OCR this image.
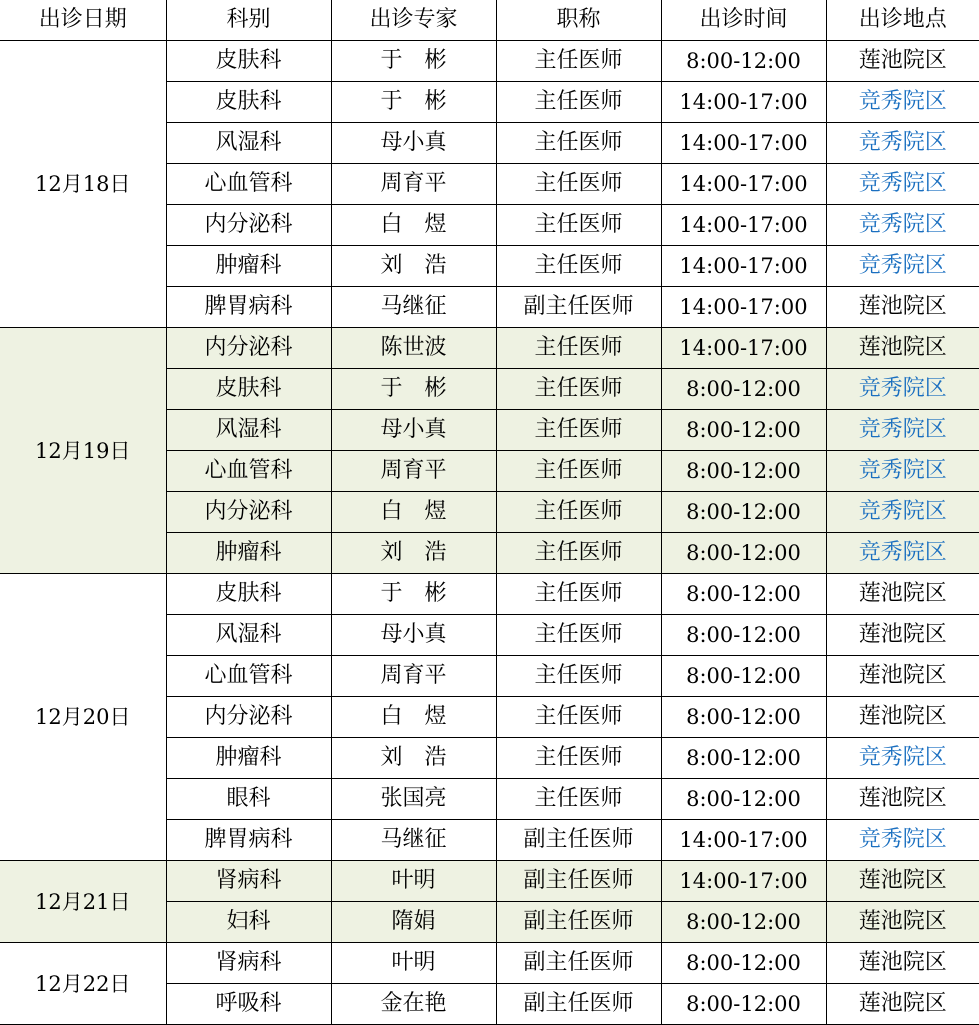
出诊日期	科别	出诊专家	职称	出诊时间	出诊地点
12月18日	皮肤科	于　彬	主任医师	8:00-12:00	莲池院区
	皮肤科	于　彬	主任医师	14:00-17:00	竞秀院区
	风湿科	母小真	主任医师	14:00-17:00	竞秀院区
	心血管科	周育平	主任医师	14:00-17:00	竞秀院区
	内分泌科	白　煜	主任医师	14:00-17:00	竞秀院区
	肿瘤科	刘　浩	主任医师	14:00-17:00	竞秀院区
	脾胃病科	马继征	副主任医师	14:00-17:00	莲池院区
12月19日	内分泌科	陈世波	主任医师	14:00-17:00	莲池院区
	皮肤科	于　彬	主任医师	8:00-12:00	竞秀院区
	风湿科	母小真	主任医师	8:00-12:00	竞秀院区
	心血管科	周育平	主任医师	8:00-12:00	竞秀院区
	内分泌科	白　煜	主任医师	8:00-12:00	竞秀院区
	肿瘤科	刘　浩	主任医师	8:00-12:00	竞秀院区
12月20日	皮肤科	于　彬	主任医师	8:00-12:00	莲池院区
	风湿科	母小真	主任医师	8:00-12:00	莲池院区
	心血管科	周育平	主任医师	8:00-12:00	莲池院区
	内分泌科	白　煜	主任医师	8:00-12:00	莲池院区
	肿瘤科	刘　浩	主任医师	8:00-12:00	竞秀院区
	眼科	张国亮	主任医师	8:00-12:00	莲池院区
	脾胃病科	马继征	副主任医师	14:00-17:00	竞秀院区
12月21日	肾病科	叶明	副主任医师	14:00-17:00	莲池院区
	妇科	隋娟	副主任医师	8:00-12:00	莲池院区
12月22日	肾病科	叶明	副主任医师	8:00-12:00	莲池院区
	呼吸科	金在艳	副主任医师	8:00-12:00	莲池院区
